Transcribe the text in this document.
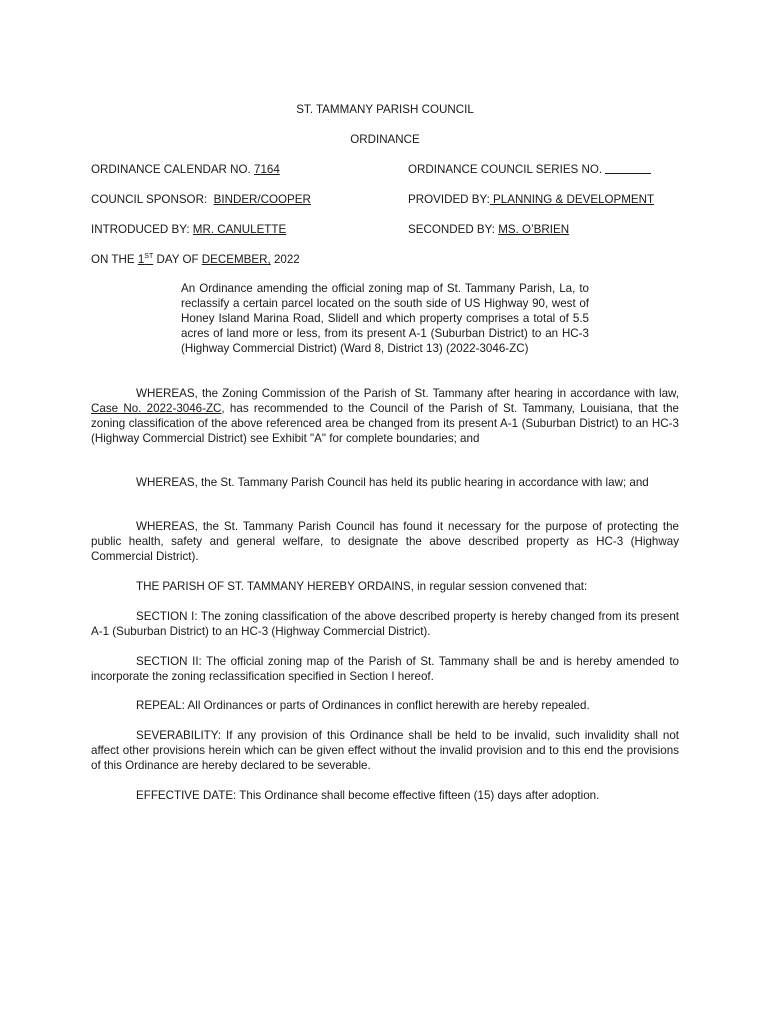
ST. TAMMANY PARISH COUNCIL
ORDINANCE
ORDINANCE CALENDAR NO. 7164	ORDINANCE COUNCIL SERIES NO.
COUNCIL SPONSOR: BINDER/COOPER	PROVIDED BY: PLANNING & DEVELOPMENT
INTRODUCED BY: MR. CANULETTE	SECONDED BY: MS. O’BRIEN
ON THE 1ST DAY OF DECEMBER, 2022
An Ordinance amending the official zoning map of St. Tammany Parish, La, to reclassify a certain parcel located on the south side of US Highway 90, west of Honey Island Marina Road, Slidell and which property comprises a total of 5.5 acres of land more or less, from its present A-1 (Suburban District) to an HC-3 (Highway Commercial District) (Ward 8, District 13) (2022-3046-ZC)
WHEREAS, the Zoning Commission of the Parish of St. Tammany after hearing in accordance with law, Case No. 2022-3046-ZC, has recommended to the Council of the Parish of St. Tammany, Louisiana, that the zoning classification of the above referenced area be changed from its present A-1 (Suburban District) to an HC-3 (Highway Commercial District) see Exhibit "A" for complete boundaries; and
WHEREAS, the St. Tammany Parish Council has held its public hearing in accordance with law; and
WHEREAS, the St. Tammany Parish Council has found it necessary for the purpose of protecting the public health, safety and general welfare, to designate the above described property as HC-3 (Highway Commercial District).
THE PARISH OF ST. TAMMANY HEREBY ORDAINS, in regular session convened that:
SECTION I: The zoning classification of the above described property is hereby changed from its present A-1 (Suburban District) to an HC-3 (Highway Commercial District).
SECTION II: The official zoning map of the Parish of St. Tammany shall be and is hereby amended to incorporate the zoning reclassification specified in Section I hereof.
REPEAL: All Ordinances or parts of Ordinances in conflict herewith are hereby repealed.
SEVERABILITY: If any provision of this Ordinance shall be held to be invalid, such invalidity shall not affect other provisions herein which can be given effect without the invalid provision and to this end the provisions of this Ordinance are hereby declared to be severable.
EFFECTIVE DATE: This Ordinance shall become effective fifteen (15) days after adoption.
